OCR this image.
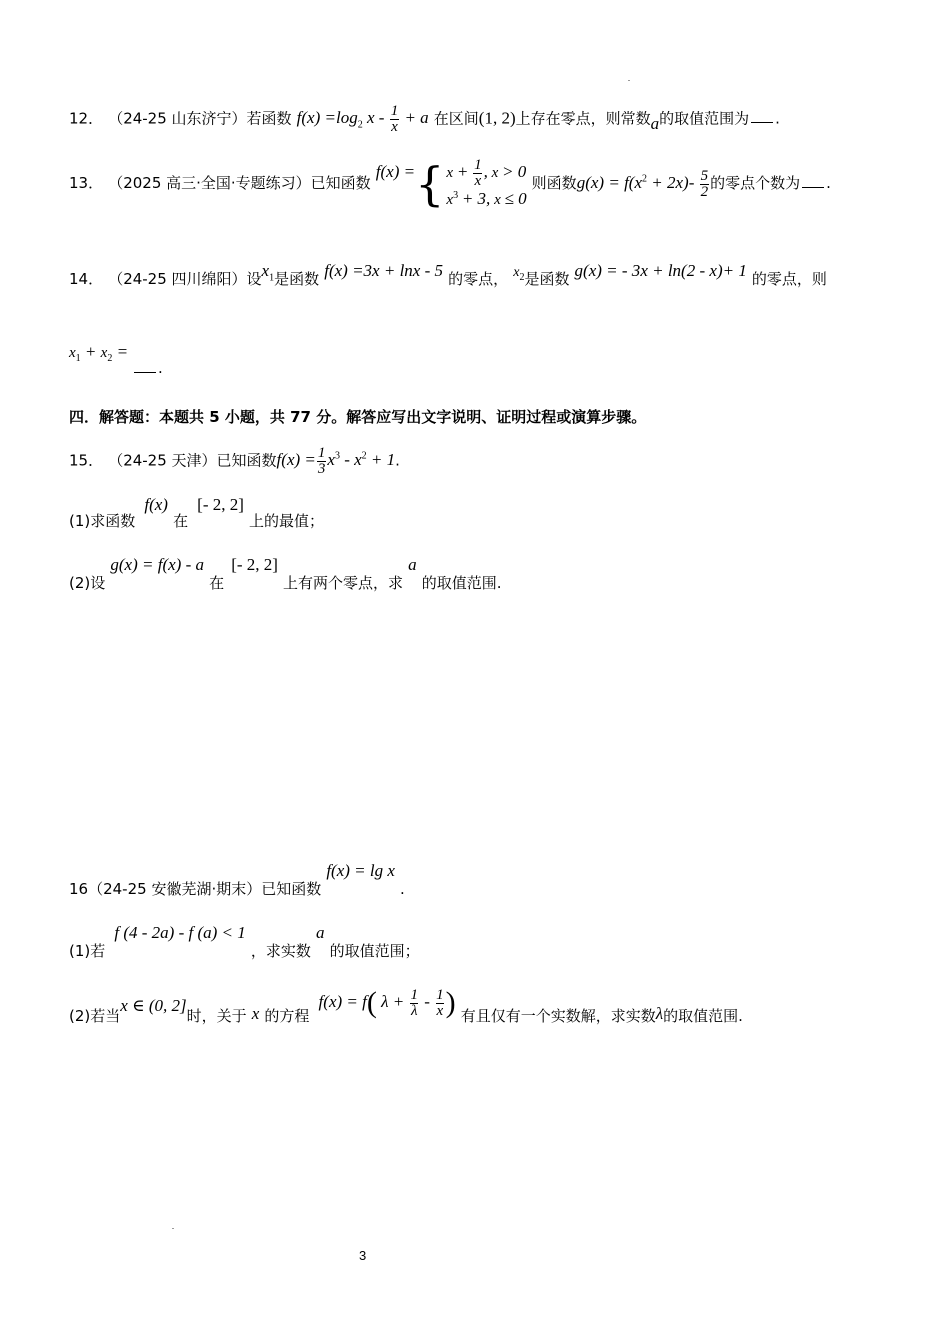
12． （24-25 山东济宁）若函数 $f(x) =\log_2$ $x - \frac{1}{x} + a$ 在区间(1, 2)上存在零点，则常数a的取值范围为 .
13． （2025 高三·全国·专题练习）已知函数
f(x) = { $x + \frac{1}{x}$ , x > 0
$x^3 + 3$, x ≤ 0
则函数$g(x) = f(x^2 + 2x)- \frac{5}{2}$ 的零点个数为 .
14． （24-25 四川绵阳）设$x_1$是函数 f(x) =3x + lnx - 5 的零点， $x_2$是函数 g(x) = - 3x + ln(2 - x)+ 1 的零点，则
$x_1 + x_2$ =
.
四．解答题：本题共 5 小题，共 77 分。解答应写出文字说明、证明过程或演算步骤。
15． （24-25 天津）已知函数$f(x) = \frac{1}{3} x^3 - x^2 + 1$.
(1)求函数 f(x) 在 [- 2, 2] 上的最值；
(2)设 g(x) = f(x) - a 在 [- 2, 2] 上有两个零点，求 a 的取值范围.
16（24-25 安徽芜湖·期末）已知函数 f(x) = lg x .
(1)若 f (4 - 2a) - f (a) < 1 ，求实数 a 的取值范围；
(2)若当x ∈ (0, 2]时，关于 x 的方程 f(x) = f( $\lambda + \frac{1}{\lambda} - \frac{1}{x}$ ) 有且仅有一个实数解，求实数λ的取值范围.
3
